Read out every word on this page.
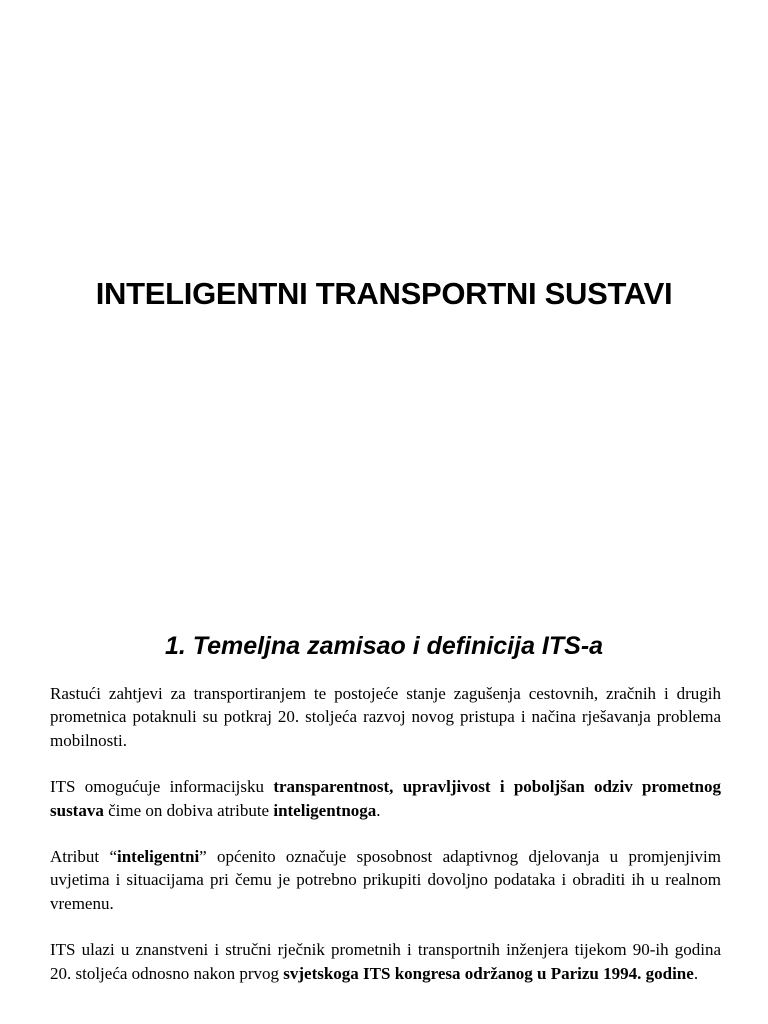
INTELIGENTNI TRANSPORTNI SUSTAVI
1. Temeljna zamisao i definicija ITS-a

Rastući zahtjevi za transportiranjem te postojeće stanje zagušenja cestovnih, zračnih i drugih prometnica potaknuli su potkraj 20. stoljeća razvoj novog pristupa i načina rješavanja problema mobilnosti.

ITS omogućuje informacijsku transparentnost, upravljivost i poboljšan odziv prometnog sustava čime on dobiva atribute inteligentnoga.

Atribut “inteligentni” općenito označuje sposobnost adaptivnog djelovanja u promjenjivim uvjetima i situacijama pri čemu je potrebno prikupiti dovoljno podataka i obraditi ih u realnom vremenu.

ITS ulazi u znanstveni i stručni rječnik prometnih i transportnih inženjera tijekom 90-ih godina 20. stoljeća odnosno nakon prvog svjetskoga ITS kongresa održanog u Parizu 1994. godine.
